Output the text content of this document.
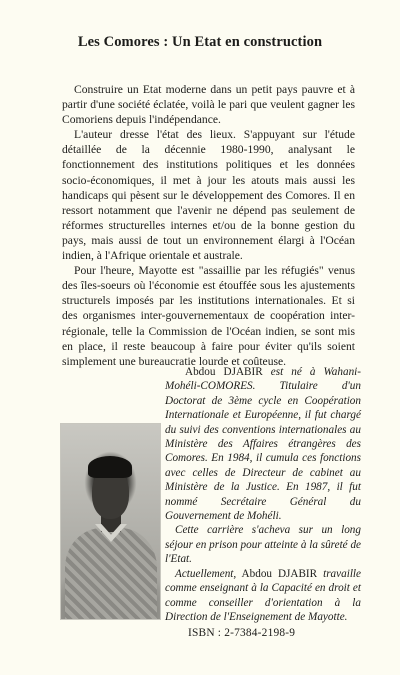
Les Comores : Un Etat en construction

Construire un Etat moderne dans un petit pays pauvre et à partir d'une société éclatée, voilà le pari que veulent gagner les Comoriens depuis l'indépendance.

L'auteur dresse l'état des lieux. S'appuyant sur l'étude détaillée de la décennie 1980-1990, analysant le fonctionnement des institutions politiques et les données socio-économiques, il met à jour les atouts mais aussi les handicaps qui pèsent sur le développement des Comores. Il en ressort notamment que l'avenir ne dépend pas seulement de réformes structurelles internes et/ou de la bonne gestion du pays, mais aussi de tout un environnement élargi à l'Océan indien, à l'Afrique orientale et australe.

Pour l'heure, Mayotte est "assaillie par les réfugiés" venus des îles-soeurs où l'économie est étouffée sous les ajustements structurels imposés par les institutions internationales. Et si des organismes inter-gouvernementaux de coopération inter-régionale, telle la Commission de l'Océan indien, se sont mis en place, il reste beaucoup à faire pour éviter qu'ils soient simplement une bureaucratie lourde et coûteuse.

Abdou DJABIR est né à Wahani-Mohéli-COMORES. Titulaire d'un Doctorat de 3ème cycle en Coopération Internationale et Européenne, il fut chargé du suivi des conventions internationales au Ministère des Affaires étrangères des Comores. En 1984, il cumula ces fonctions avec celles de Directeur de cabinet au Ministère de la Justice. En 1987, il fut nommé Secrétaire Général du Gouvernement de Mohéli.

Cette carrière s'acheva sur un long séjour en prison pour atteinte à la sûreté de l'Etat.

Actuellement, Abdou DJABIR travaille comme enseignant à la Capacité en droit et comme conseiller d'orientation à la Direction de l'Enseignement de Mayotte.

ISBN : 2-7384-2198-9
